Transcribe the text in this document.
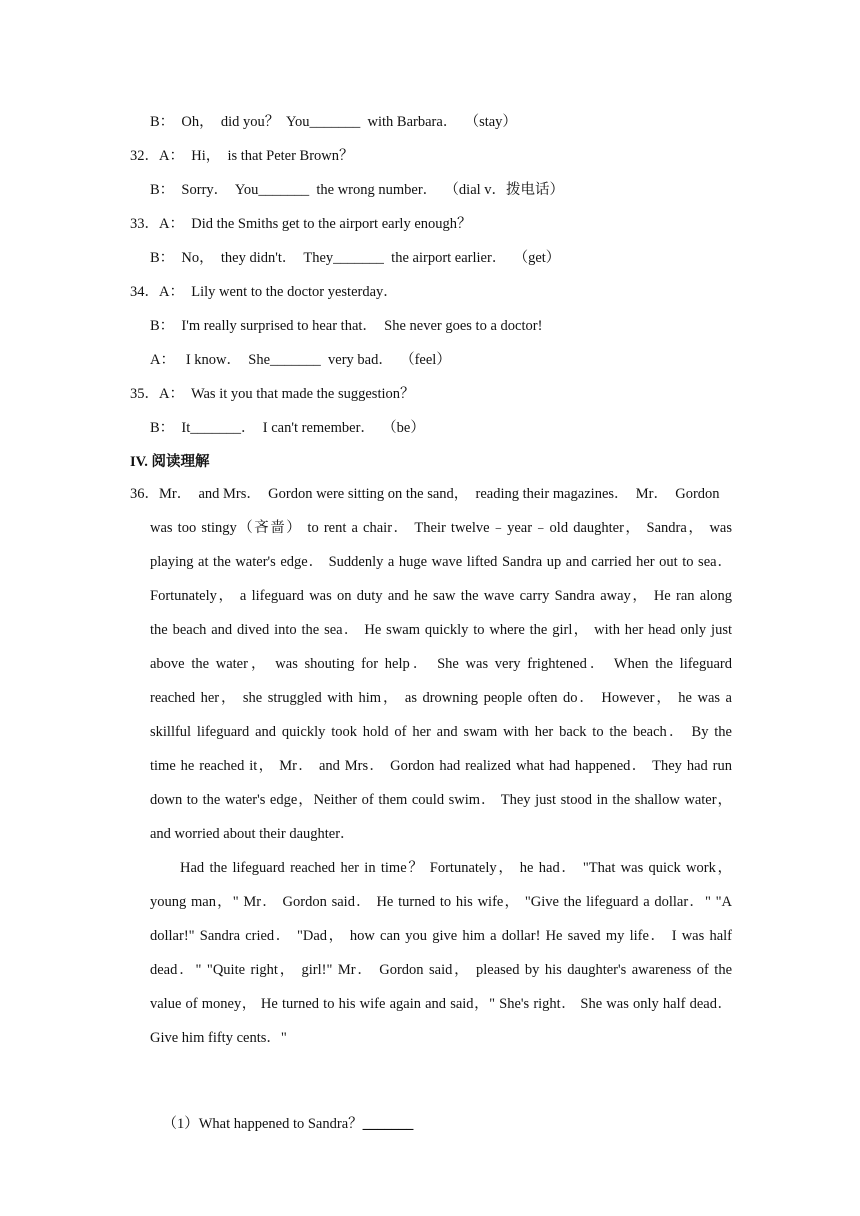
B：  Oh，  did you？  You_______  with Barbara．  （stay）
32．A：  Hi，  is that Peter Brown？
B：  Sorry．  You_______  the wrong number．  （dial v．拨电话）
33．A：  Did the Smiths get to the airport early enough？
B：  No，  they didn't．  They_______  the airport earlier．  （get）
34．A：  Lily went to the doctor yesterday．
B：  I'm really surprised to hear that．  She never goes to a doctor!
A：   I know．  She_______  very bad．  （feel）
35．A：  Was it you that made the suggestion？
B：  It_______．  I can't remember．  （be）
IV. 阅读理解
36．Mr．  and Mrs．  Gordon were sitting on the sand，  reading their magazines．  Mr．  Gordon
was too stingy（吝啬） to rent a chair． Their twelve﹣year﹣old daughter， Sandra， was
playing at the water's edge． Suddenly a huge wave lifted Sandra up and carried her out to sea．
Fortunately， a lifeguard was on duty and he saw the wave carry Sandra away， He ran along
the beach and dived into the sea． He swam quickly to where the girl， with her head only just
above the water， was shouting for help． She was very frightened． When the lifeguard
reached her， she struggled with him， as drowning people often do． However， he was a
skillful lifeguard and quickly took hold of her and swam with her back to the beach． By the
time he reached it， Mr． and Mrs． Gordon had realized what had happened． They had run
down to the water's edge，Neither of them could swim． They just stood in the shallow water，
Had the lifeguard reached her in time？ Fortunately， he had． "That was quick work，
young man，" Mr． Gordon said． He turned to his wife， "Give the lifeguard a dollar．" "A
dollar!" Sandra cried． "Dad， how can you give him a dollar! He saved my life． I was half
dead．" "Quite right， girl!" Mr． Gordon said， pleased by his daughter's awareness of the
value of money， He turned to his wife again and said，" She's right． She was only half dead．
and worried about their daughter．
Give him fifty cents．"

（1）What happened to Sandra？_______
